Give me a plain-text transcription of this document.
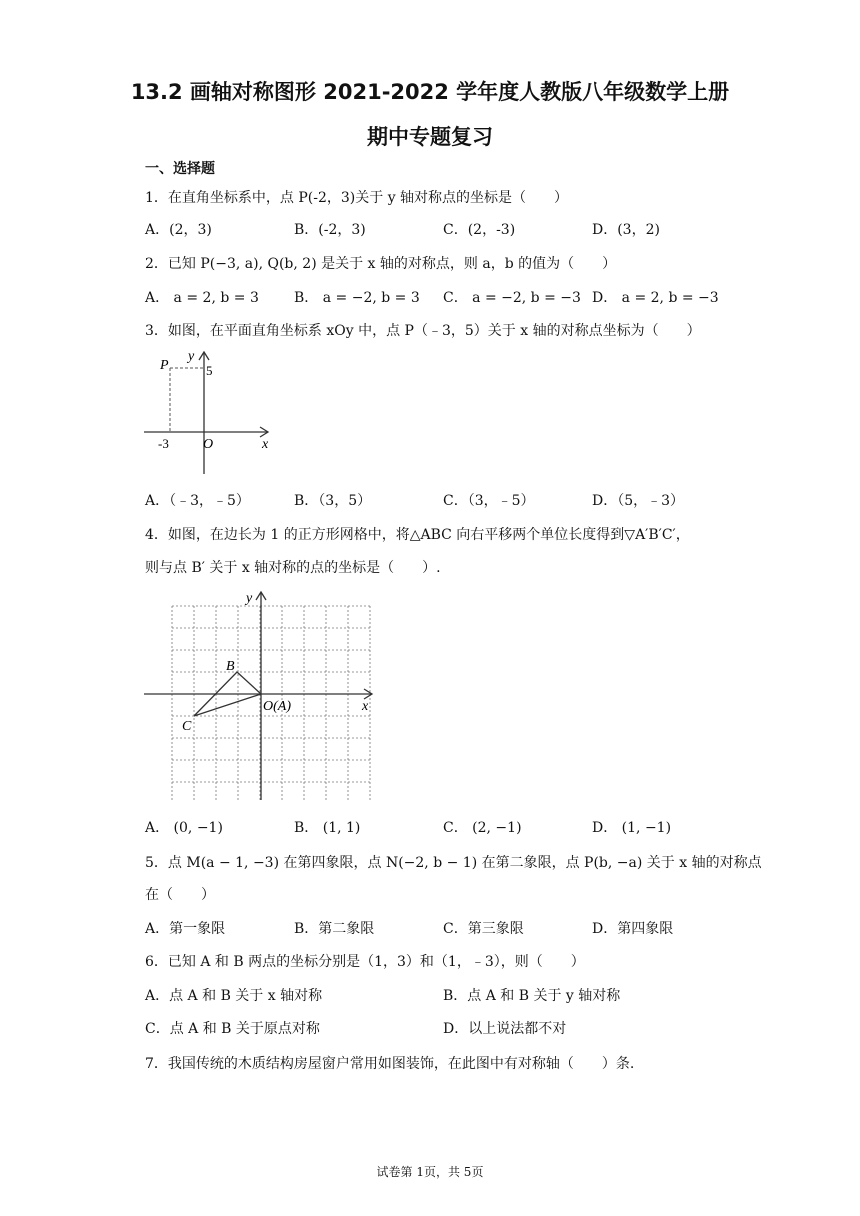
13.2 画轴对称图形 2021-2022 学年度人教版八年级数学上册
期中专题复习
一、选择题
1．在直角坐标系中，点 P(-2，3)关于 y 轴对称点的坐标是（　　）
A．(2，3)	B．(-2，3)	C．(2，-3)	D．(3，2)
2．已知 P(−3, a), Q(b, 2) 是关于 x 轴的对称点，则 a，b 的值为（　　）
A． a = 2, b = 3	B． a = −2, b = 3 C． a = −2, b = −3 D． a = 2, b = −3
3．如图，在平面直角坐标系 xOy 中，点 P（﹣3，5）关于 x 轴的对称点坐标为（　　）
P
y
5
-3 O	x
A．（﹣3，﹣5）	B．（3，5）	C．（3，﹣5）	D．（5，﹣3）
4．如图，在边长为 1 的正方形网格中，将△ABC 向右平移两个单位长度得到▽A′B′C′，
则与点 B′ 关于 x 轴对称的点的坐标是（　　）.
y
x
B
C
O(A)
A． (0, −1)	B． (1, 1)	C． (2, −1)	D． (1, −1)
5．点 M(a − 1, −3) 在第四象限，点 N(−2, b − 1) 在第二象限，点 P(b, −a) 关于 x 轴的对称点
在（　　）
A．第一象限	B．第二象限	C．第三象限	D．第四象限
6．已知 A 和 B 两点的坐标分别是（1，3）和（1，﹣3），则（　　）
A．点 A 和 B 关于 x 轴对称	B．点 A 和 B 关于 y 轴对称
C．点 A 和 B 关于原点对称	D．以上说法都不对
7．我国传统的木质结构房屋窗户常用如图装饰，在此图中有对称轴（　　）条.
试卷第 1页，共 5页
